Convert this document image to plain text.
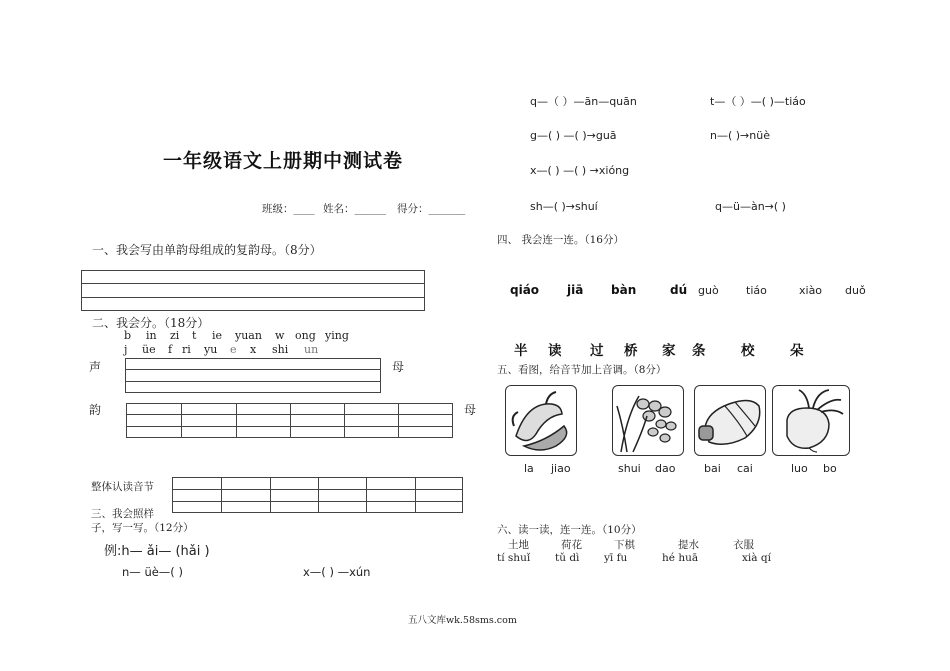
一年级语文上册期中测试卷
班级：____ 姓名：______ 得分：_______
一、我会写由单韵母组成的复韵母。（8分）
二、我会分。（18分）
b in zi t ie yuan w ong ying
j üe f ri yu e x shi un
声	母
韵	母
整体认读音节
三、我会照样
子，写一写。（12分）
例:h— ǎi— (hǎi )
n— üè—( )	x—( ) —xún
q—（ ）—ān—quān	t—（ ）—( )—tiáo
g—( ) —( )→guā	n—( )→nüè
x—( ) —( ) →xióng
sh—( )→shuí	q—ü—àn→( )
四、 我会连一连。（16分）
qiáo jiā bàn	dú guò tiáo	xiào duǒ
半 读 过 桥 家 条	校	朵
五、看图，给音节加上音调。（8分）
la jiao	shui dao	bai cai	luo bo
六、读一读，连一连。（10分）
土地	荷花	下棋	提水	衣服
tí shuǐ tǔ dì yī fu	hé huā	xià qí
五八文库wk.58sms.com
